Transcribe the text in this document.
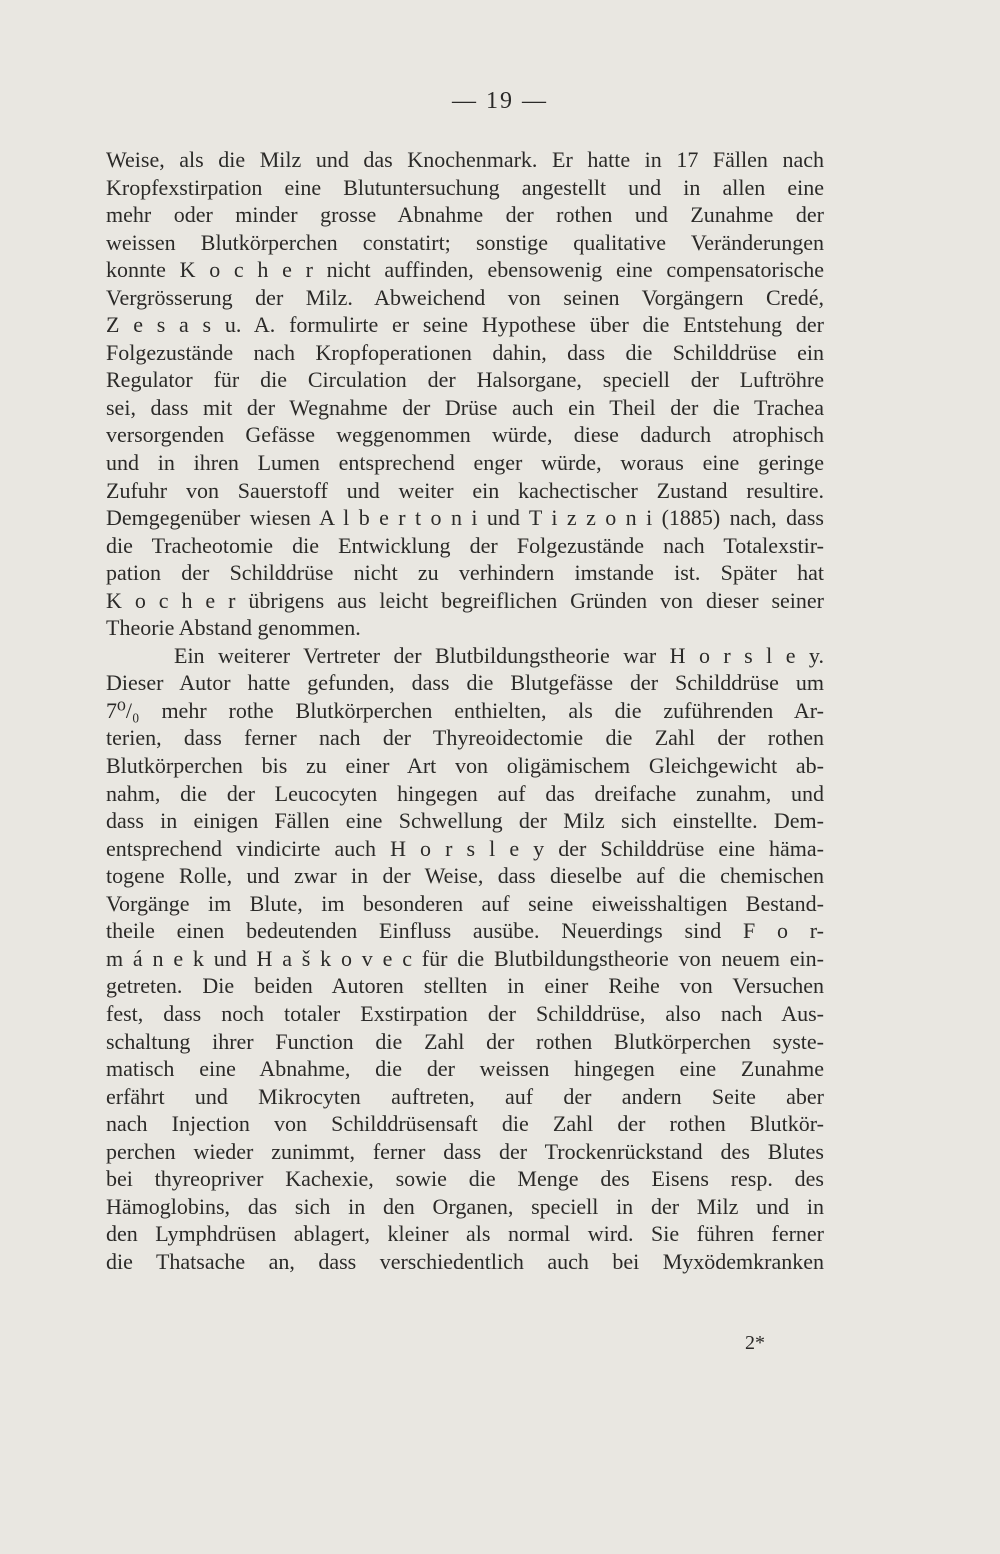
— 19 —
Weise, als die Milz und das Knochenmark. Er hatte in 17 Fällen nach
Kropfexstirpation eine Blutuntersuchung angestellt und in allen eine
mehr oder minder grosse Abnahme der rothen und Zunahme der
weissen Blutkörperchen constatirt; sonstige qualitative Veränderungen
konnte K o c h e r nicht auffinden, ebensowenig eine compensatorische
Vergrösserung der Milz. Abweichend von seinen Vorgängern Credé,
Z e s a s u. A. formulirte er seine Hypothese über die Entstehung der
Folgezustände nach Kropfoperationen dahin, dass die Schilddrüse ein
Regulator für die Circulation der Halsorgane, speciell der Luftröhre
sei, dass mit der Wegnahme der Drüse auch ein Theil der die Trachea
versorgenden Gefässe weggenommen würde, diese dadurch atrophisch
und in ihren Lumen entsprechend enger würde, woraus eine geringe
Zufuhr von Sauerstoff und weiter ein kachectischer Zustand resultire.
Demgegenüber wiesen A l b e r t o n i und T i z z o n i (1885) nach, dass
die Tracheotomie die Entwicklung der Folgezustände nach Totalexstir-
pation der Schilddrüse nicht zu verhindern imstande ist. Später hat
K o c h e r übrigens aus leicht begreiflichen Gründen von dieser seiner
Theorie Abstand genommen.
Ein weiterer Vertreter der Blutbildungstheorie war H o r s l e y.
Dieser Autor hatte gefunden, dass die Blutgefässe der Schilddrüse um
7⁰/₀ mehr rothe Blutkörperchen enthielten, als die zuführenden Ar-
terien, dass ferner nach der Thyreoidectomie die Zahl der rothen
Blutkörperchen bis zu einer Art von oligämischem Gleichgewicht ab-
nahm, die der Leucocyten hingegen auf das dreifache zunahm, und
dass in einigen Fällen eine Schwellung der Milz sich einstellte. Dem-
entsprechend vindicirte auch H o r s l e y der Schilddrüse eine häma-
togene Rolle, und zwar in der Weise, dass dieselbe auf die chemischen
Vorgänge im Blute, im besonderen auf seine eiweisshaltigen Bestand-
theile einen bedeutenden Einfluss ausübe. Neuerdings sind F o r-
m á n e k und H a š k o v e c für die Blutbildungstheorie von neuem ein-
getreten. Die beiden Autoren stellten in einer Reihe von Versuchen
fest, dass noch totaler Exstirpation der Schilddrüse, also nach Aus-
schaltung ihrer Function die Zahl der rothen Blutkörperchen syste-
matisch eine Abnahme, die der weissen hingegen eine Zunahme
erfährt und Mikrocyten auftreten, auf der andern Seite aber
nach Injection von Schilddrüsensaft die Zahl der rothen Blutkör-
perchen wieder zunimmt, ferner dass der Trockenrückstand des Blutes
bei thyreopriver Kachexie, sowie die Menge des Eisens resp. des
Hämoglobins, das sich in den Organen, speciell in der Milz und in
den Lymphdrüsen ablagert, kleiner als normal wird. Sie führen ferner
die Thatsache an, dass verschiedentlich auch bei Myxödemkranken
2*
